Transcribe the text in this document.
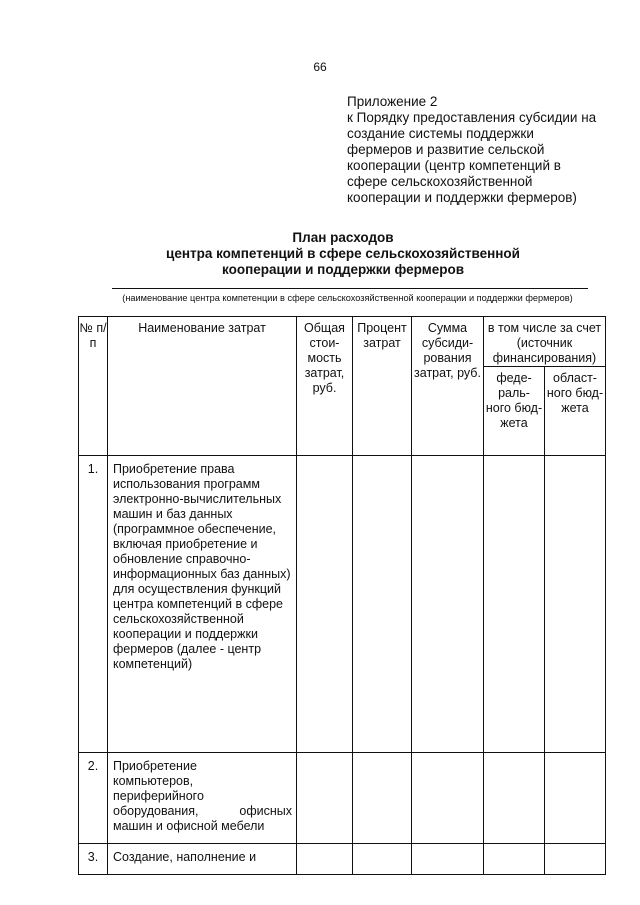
66
Приложение 2
к Порядку предоставления субсидии на
создание системы поддержки
фермеров и развитие сельской
кооперации (центр компетенций в
сфере сельскохозяйственной
кооперации и поддержки фермеров)
План расходов
центра компетенций в сфере сельскохозяйственной
кооперации и поддержки фермеров
(наименование центра компетенции в сфере сельскохозяйственной кооперации и поддержки фермеров)
№ п/п	Наименование затрат	Общая стои- мость затрат, руб.	Процент затрат	Сумма субсиди- рования затрат, руб.	в том числе за счет (источник финансирования)	
					феде- раль- ного бюд- жета	област- ного бюд- жета
1.	Приобретение права использования программ электронно-вычислительных машин и баз данных (программное обеспечение, включая приобретение и обновление справочно-информационных баз данных) для осуществления функций центра компетенций в сфере сельскохозяйственной кооперации и поддержки фермеров (далее - центр компетенций)					
2.	Приобретение
компьютеров,
периферийного
оборудования, офисных
машин и офисной мебели					

3.	Создание, наполнение и					
